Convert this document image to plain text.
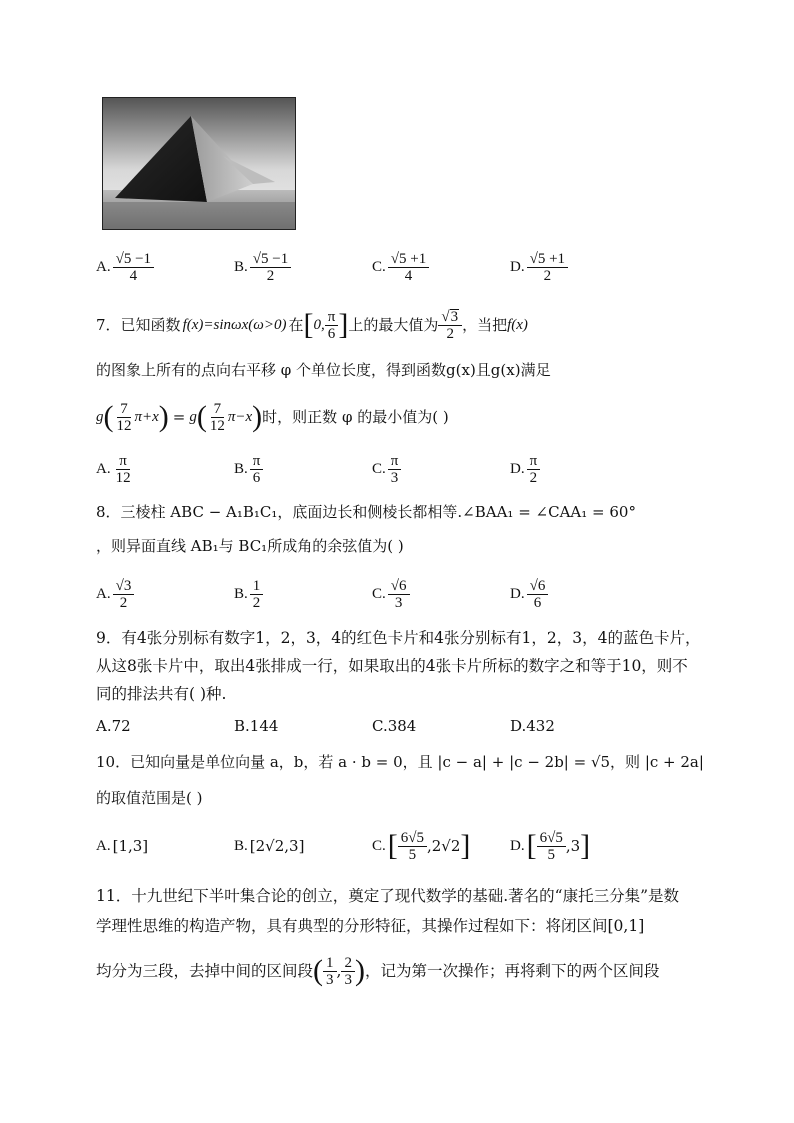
A. $\frac{√5 -1}{4}$	B. $\frac{√5 -1}{2}$	C. $\frac{√5 +1}{4}$	D. $\frac{√5 +1}{2}$
7． 已知函数 f(x)=sinωx(ω>0) 在 [ 0, $\frac{\pi}{6}$ ] 上的最大值为 $\frac{√ 3}{2}$ ，当把 f(x)
的图象上所有的点向右平移 φ 个单位长度，得到函数g(x)且g(x)满足
g ( $\frac{7}{12} \pi+x$ ) = g ( $\frac{7}{12} \pi-x$ ) 时，则正数 φ 的最小值为( )
A. $\frac{\pi}{12}$	B. $\frac{\pi}{6}$	C. $\frac{\pi}{3}$	D. $\frac{\pi}{2}$
8．三棱柱 ABC − A₁B₁C₁，底面边长和侧棱长都相等.∠BAA₁ = ∠CAA₁ = 60°
，则异面直线 AB₁与 BC₁所成角的余弦值为( )
A. $\frac{√3}{2}$	B. $\frac{1}{2}$	C. $\frac{√6}{3}$	D. $\frac{√6}{6}$
9．有4张分别标有数字1，2，3，4的红色卡片和4张分别标有1，2，3，4的蓝色卡片，
从这8张卡片中，取出4张排成一行，如果取出的4张卡片所标的数字之和等于10，则不
同的排法共有( )种.
A.72	B.144	C.384	D.432
10．已知向量是单位向量 a，b，若 a · b = 0，且 |c − a| + |c − 2b| = √5，则 |c + 2a|
的取值范围是( )
A. [1,3]	B. [2√2,3]	C. [ $\frac{6√5}{5} ,2√2$ ]	D. [ $\frac{6√5}{5} ,3$ ]
11．十九世纪下半叶集合论的创立，奠定了现代数学的基础.著名的“康托三分集”是数
学理性思维的构造产物，具有典型的分形特征，其操作过程如下：将闭区间[0,1]
均分为三段，去掉中间的区间段 ( $\frac{1}{3}$ , $\frac{2}{3}$ ) ，记为第一次操作；再将剩下的两个区间段
